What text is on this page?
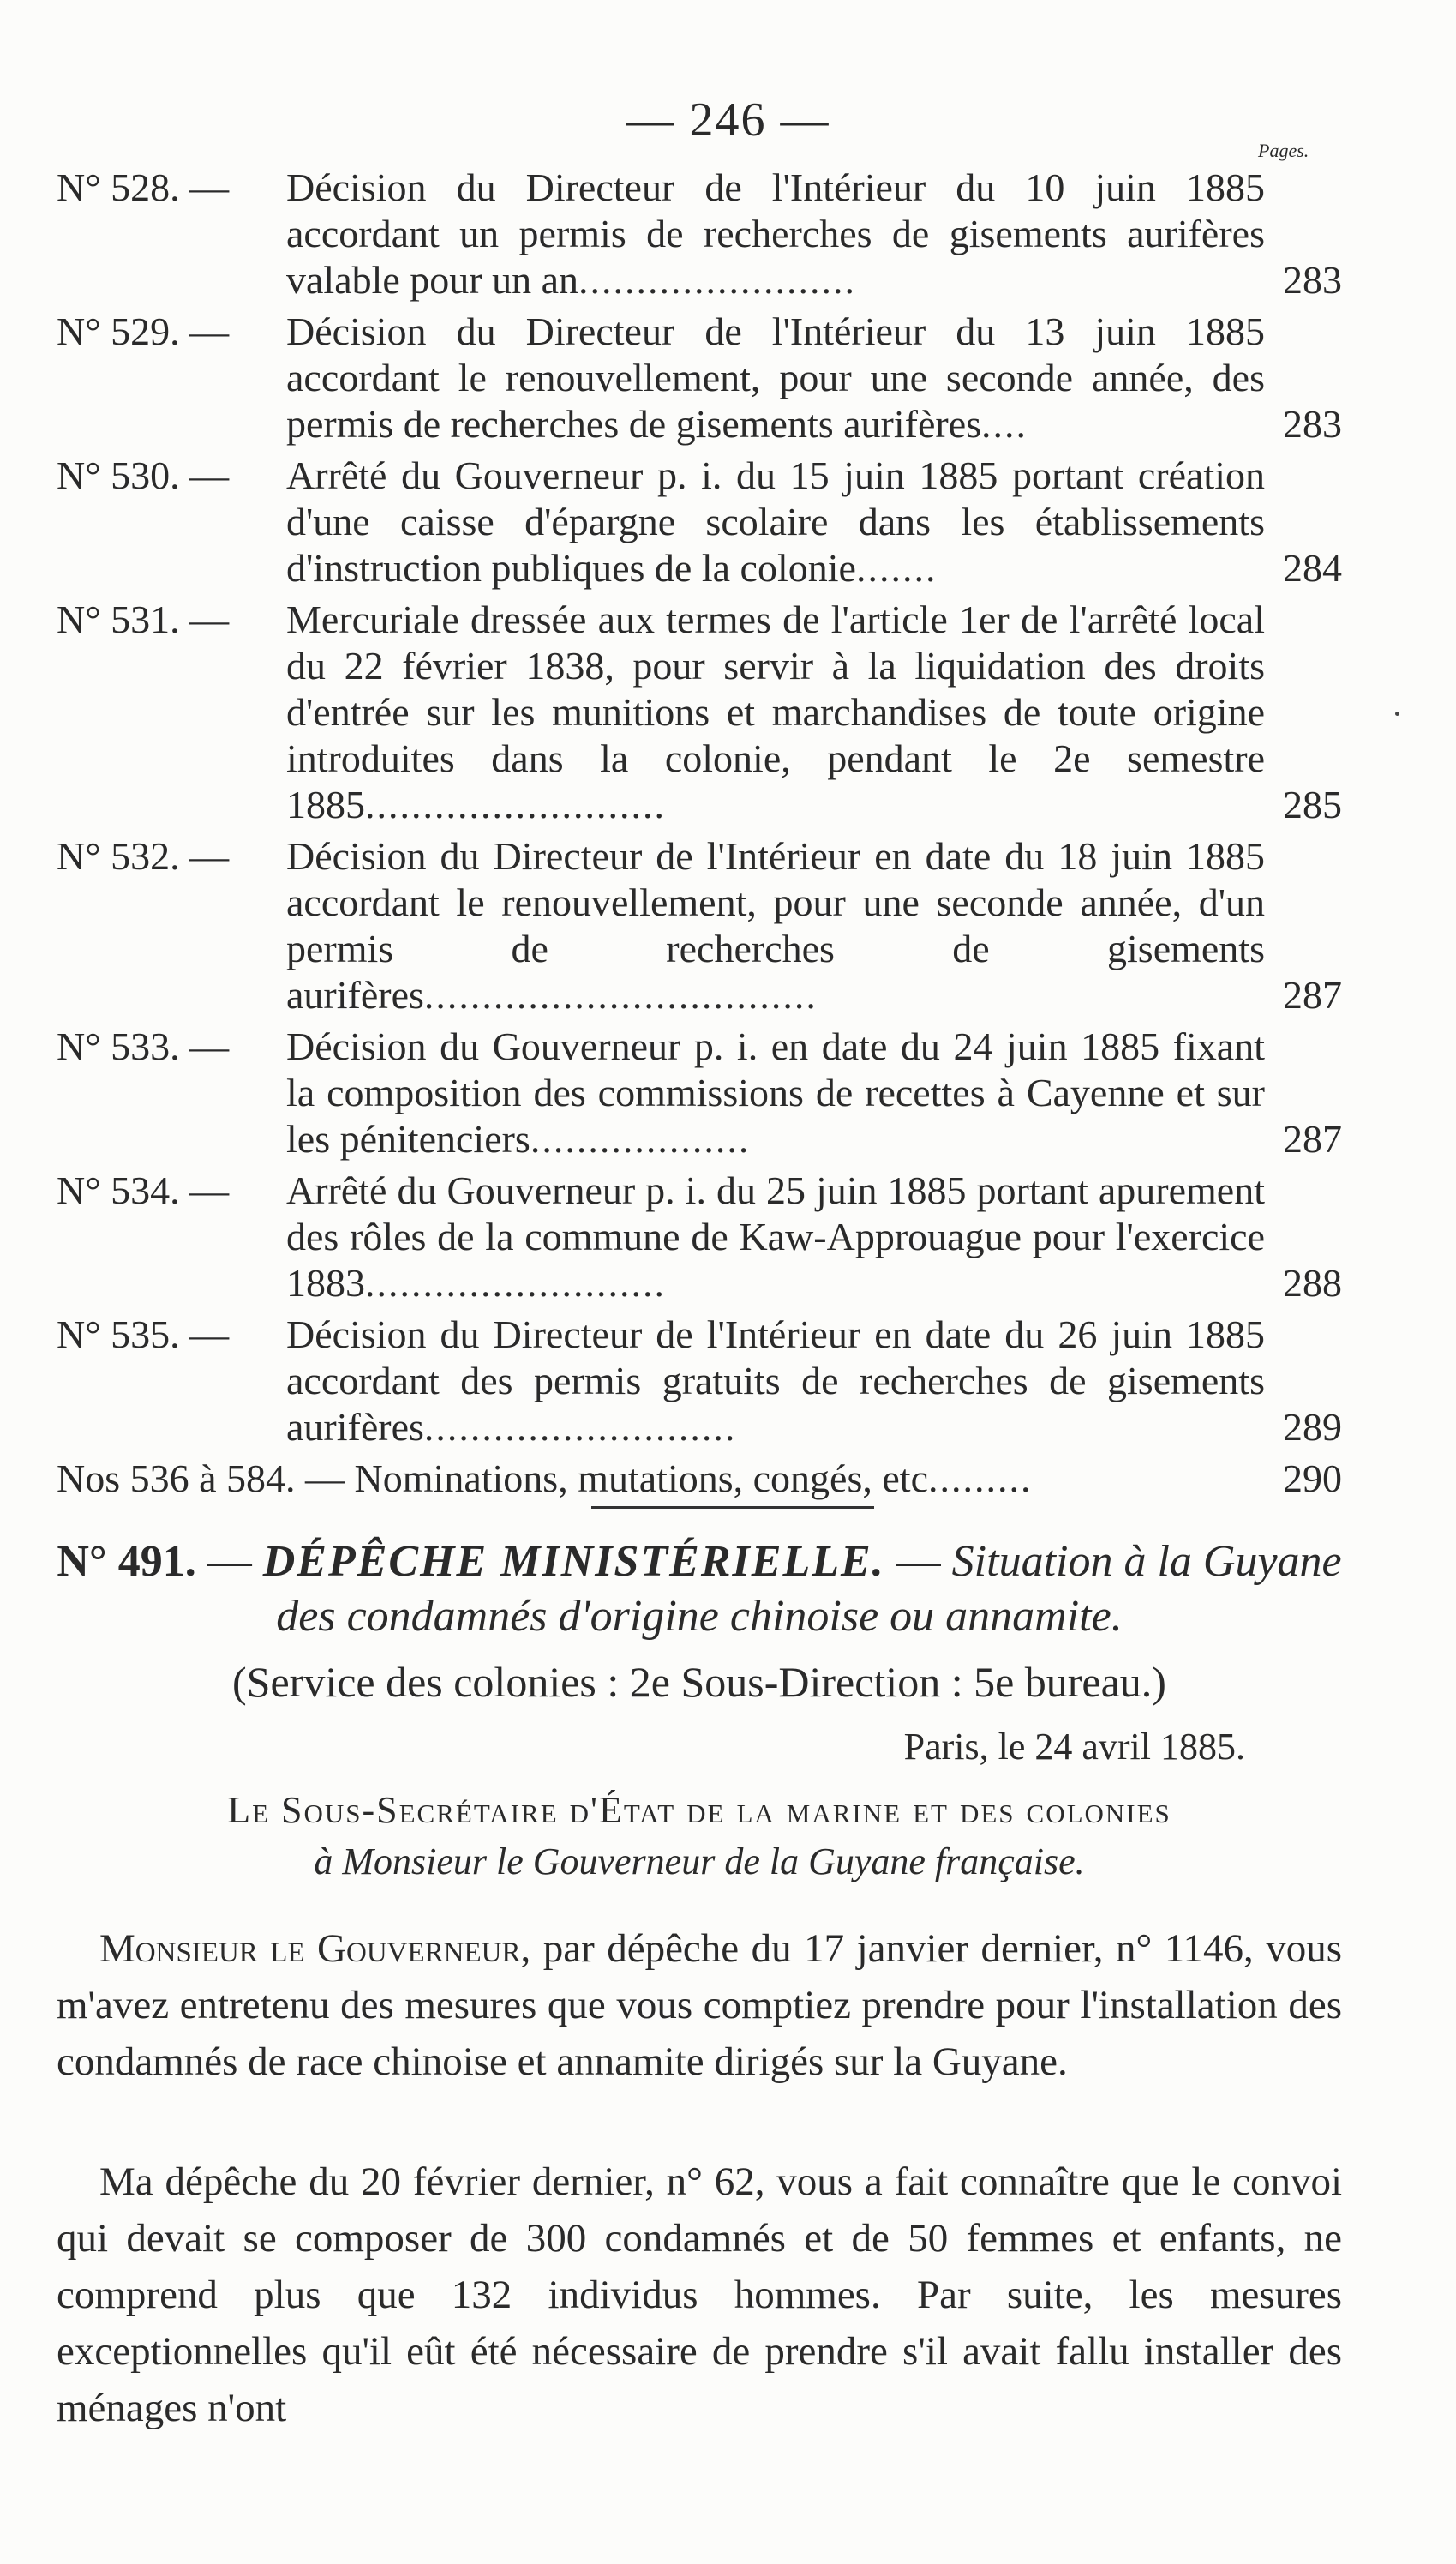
— 246 —
Pages.
N° 528. — Décision du Directeur de l'Intérieur du 10 juin 1885 accordant un permis de recherches de gisements aurifères valable pour un an........................	283
N° 529. — Décision du Directeur de l'Intérieur du 13 juin 1885 accordant le renouvellement, pour une seconde année, des permis de recherches de gisements aurifères....	283
N° 530. — Arrêté du Gouverneur p. i. du 15 juin 1885 portant création d'une caisse d'épargne scolaire dans les établissements d'instruction publiques de la colonie.......	284
N° 531. — Mercuriale dressée aux termes de l'article 1er de l'arrêté local du 22 février 1838, pour servir à la liquidation des droits d'entrée sur les munitions et marchandises de toute origine introduites dans la colonie, pendant le 2e semestre 1885..........................	285
N° 532. — Décision du Directeur de l'Intérieur en date du 18 juin 1885 accordant le renouvellement, pour une seconde année, d'un permis de recherches de gisements aurifères..................................	287
N° 533. — Décision du Gouverneur p. i. en date du 24 juin 1885 fixant la composition des commissions de recettes à Cayenne et sur les pénitenciers...................	287
N° 534. — Arrêté du Gouverneur p. i. du 25 juin 1885 portant apurement des rôles de la commune de Kaw-Approuague pour l'exercice 1883..........................	288
N° 535. — Décision du Directeur de l'Intérieur en date du 26 juin 1885 accordant des permis gratuits de recherches de gisements aurifères...........................	289
Nos 536 à 584. — Nominations, mutations, congés, etc.........	290
N° 491. — DÉPÊCHE MINISTÉRIELLE. — Situation à la Guyane des condamnés d'origine chinoise ou annamite.
(Service des colonies : 2e Sous-Direction : 5e bureau.)
Paris, le 24 avril 1885.
Le Sous-Secrétaire d'État de la marine et des colonies
à Monsieur le Gouverneur de la Guyane française.
Monsieur le Gouverneur, par dépêche du 17 janvier dernier, n° 1146, vous m'avez entretenu des mesures que vous comptiez prendre pour l'installation des condamnés de race chinoise et annamite dirigés sur la Guyane.
Ma dépêche du 20 février dernier, n° 62, vous a fait connaître que le convoi qui devait se composer de 300 condamnés et de 50 femmes et enfants, ne comprend plus que 132 individus hommes. Par suite, les mesures exceptionnelles qu'il eût été nécessaire de prendre s'il avait fallu installer des ménages n'ont
